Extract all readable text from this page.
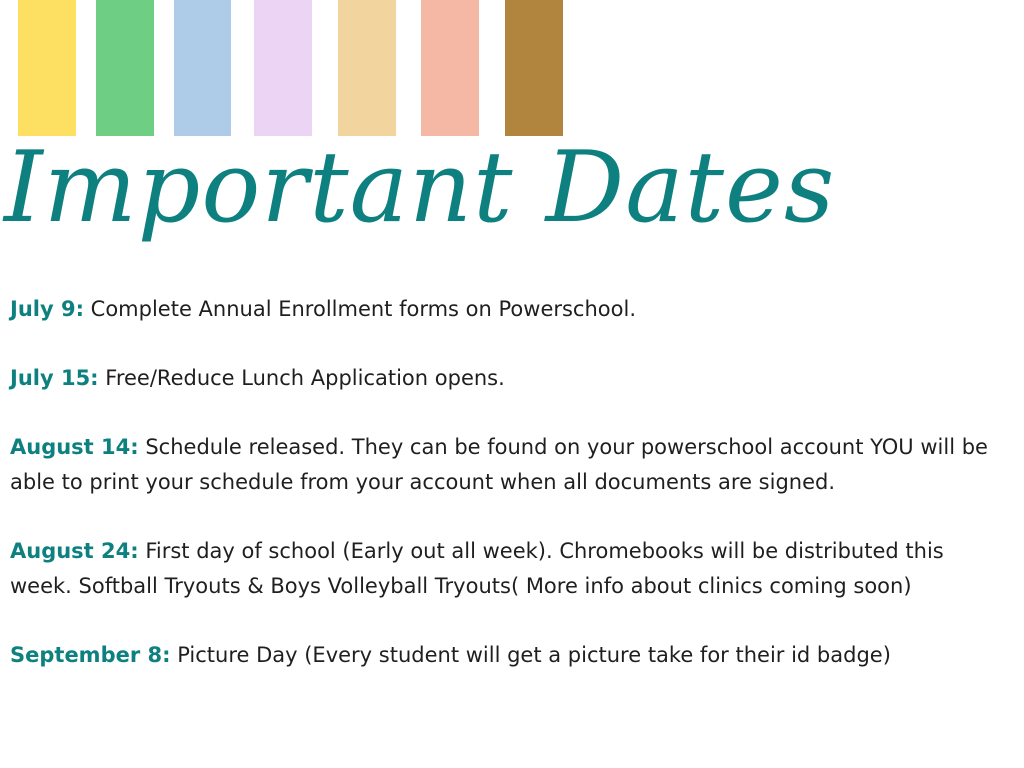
Important Dates
July 9: Complete Annual Enrollment forms on Powerschool.
July 15: Free/Reduce Lunch Application opens.
August 14: Schedule released. They can be found on your powerschool account YOU will be able to print your schedule from your account when all documents are signed.
August 24: First day of school (Early out all week). Chromebooks will be distributed this week. Softball Tryouts & Boys Volleyball Tryouts( More info about clinics coming soon)
September 8: Picture Day (Every student will get a picture take for their id badge)
